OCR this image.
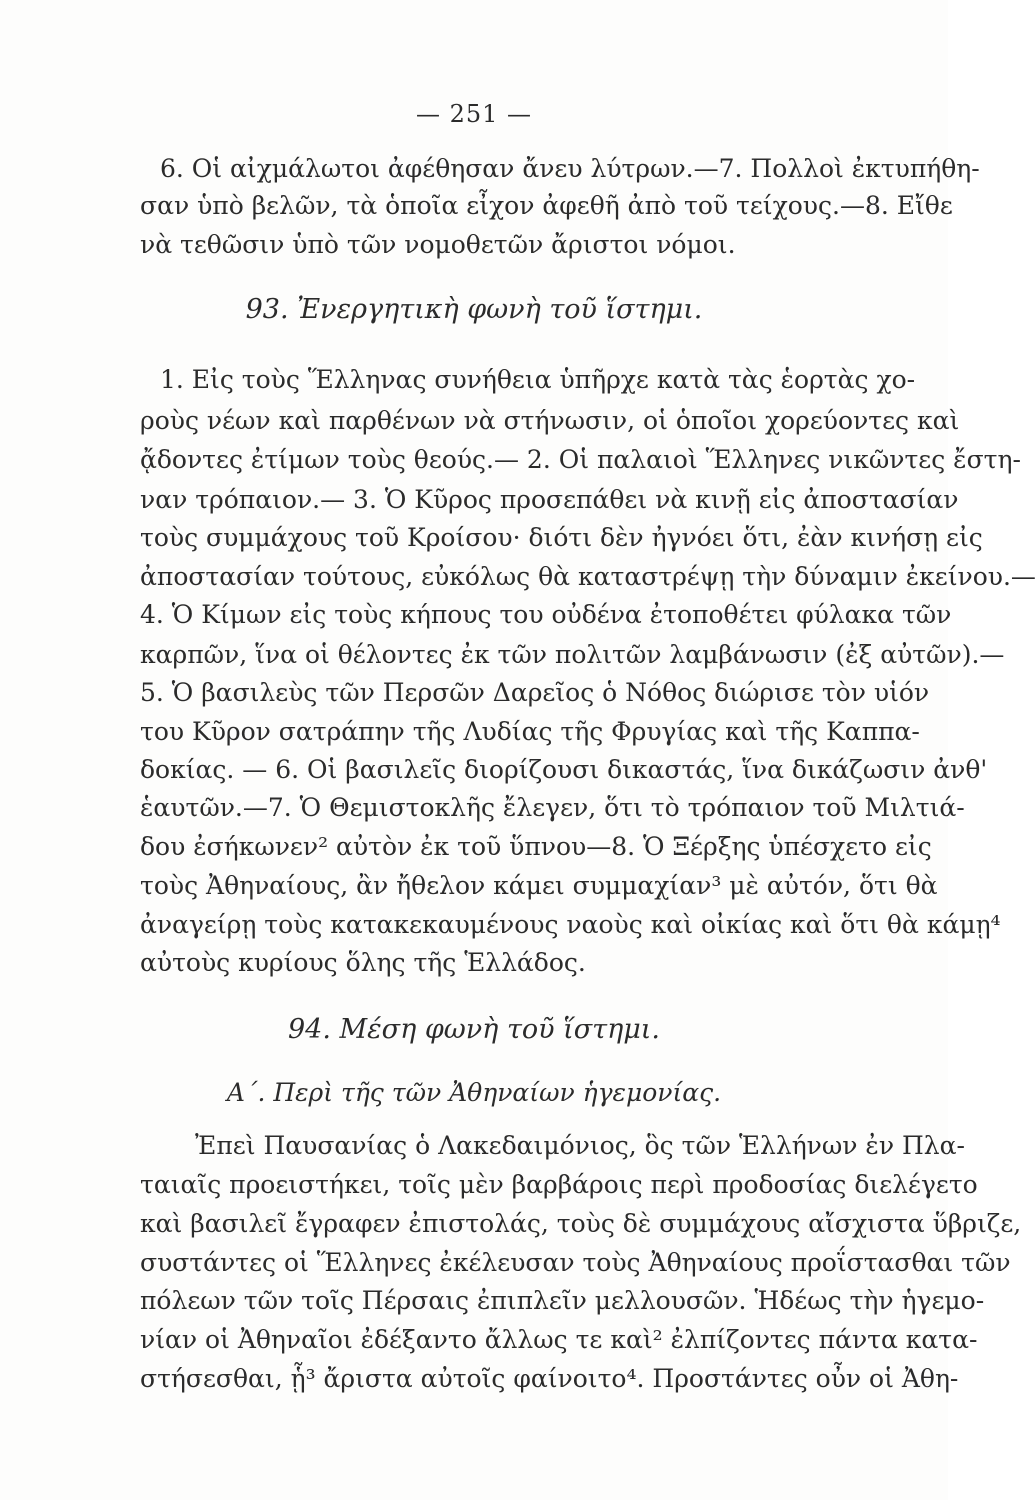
— 251 —
6. Οἱ αἰχμάλωτοι ἀφέθησαν ἄνευ λύτρων.—7. Πολλοὶ ἐκτυπήθη-
σαν ὑπὸ βελῶν, τὰ ὁποῖα εἶχον ἀφεθῆ ἀπὸ τοῦ τείχους.—8. Εἴθε
νὰ τεθῶσιν ὑπὸ τῶν νομοθετῶν ἄριστοι νόμοι.
93. Ἐνεργητικὴ φωνὴ τοῦ ἵστημι.
1. Εἰς τοὺς Ἕλληνας συνήθεια ὑπῆρχε κατὰ τὰς ἑορτὰς χο-
ροὺς νέων καὶ παρθένων νὰ στήνωσιν, οἱ ὁποῖοι χορεύοντες καὶ
ᾄδοντες ἐτίμων τοὺς θεούς.— 2. Οἱ παλαιοὶ Ἕλληνες νικῶντες ἔστη-
ναν τρόπαιον.— 3. Ὁ Κῦρος προσεπάθει νὰ κινῇ εἰς ἀποστασίαν
τοὺς συμμάχους τοῦ Κροίσου· διότι δὲν ἠγνόει ὅτι, ἐὰν κινήσῃ εἰς
ἀποστασίαν τούτους, εὐκόλως θὰ καταστρέψῃ τὴν δύναμιν ἐκείνου.—
4. Ὁ Κίμων εἰς τοὺς κήπους του οὐδένα ἐτοποθέτει φύλακα τῶν
καρπῶν, ἵνα οἱ θέλοντες ἐκ τῶν πολιτῶν λαμβάνωσιν (ἐξ αὐτῶν).—
5. Ὁ βασιλεὺς τῶν Περσῶν Δαρεῖος ὁ Νόθος διώρισε τὸν υἱόν
του Κῦρον σατράπην τῆς Λυδίας τῆς Φρυγίας καὶ τῆς Καππα-
δοκίας. — 6. Οἱ βασιλεῖς διορίζουσι δικαστάς, ἵνα δικάζωσιν ἀνθ'
ἑαυτῶν.—7. Ὁ Θεμιστοκλῆς ἔλεγεν, ὅτι τὸ τρόπαιον τοῦ Μιλτιά-
δου ἐσήκωνεν² αὐτὸν ἐκ τοῦ ὕπνου—8. Ὁ Ξέρξης ὑπέσχετο εἰς
τοὺς Ἀθηναίους, ἂν ἤθελον κάμει συμμαχίαν³ μὲ αὐτόν, ὅτι θὰ
ἀναγείρῃ τοὺς κατακεκαυμένους ναοὺς καὶ οἰκίας καὶ ὅτι θὰ κάμῃ⁴
αὐτοὺς κυρίους ὅλης τῆς Ἑλλάδος.
94. Μέση φωνὴ τοῦ ἵστημι.
Α΄. Περὶ τῆς τῶν Ἀθηναίων ἡγεμονίας.
Ἐπεὶ Παυσανίας ὁ Λακεδαιμόνιος, ὃς τῶν Ἑλλήνων ἐν Πλα-
ταιαῖς προειστήκει, τοῖς μὲν βαρβάροις περὶ προδοσίας διελέγετο
καὶ βασιλεῖ ἔγραφεν ἐπιστολάς, τοὺς δὲ συμμάχους αἴσχιστα ὕβριζε,
συστάντες οἱ Ἕλληνες ἐκέλευσαν τοὺς Ἀθηναίους προΐστασθαι τῶν
πόλεων τῶν τοῖς Πέρσαις ἐπιπλεῖν μελλουσῶν. Ἡδέως τὴν ἡγεμο-
νίαν οἱ Ἀθηναῖοι ἐδέξαντο ἄλλως τε καὶ² ἐλπίζοντες πάντα κατα-
στήσεσθαι, ᾗ³ ἄριστα αὐτοῖς φαίνοιτο⁴. Προστάντες οὖν οἱ Ἀθη-
